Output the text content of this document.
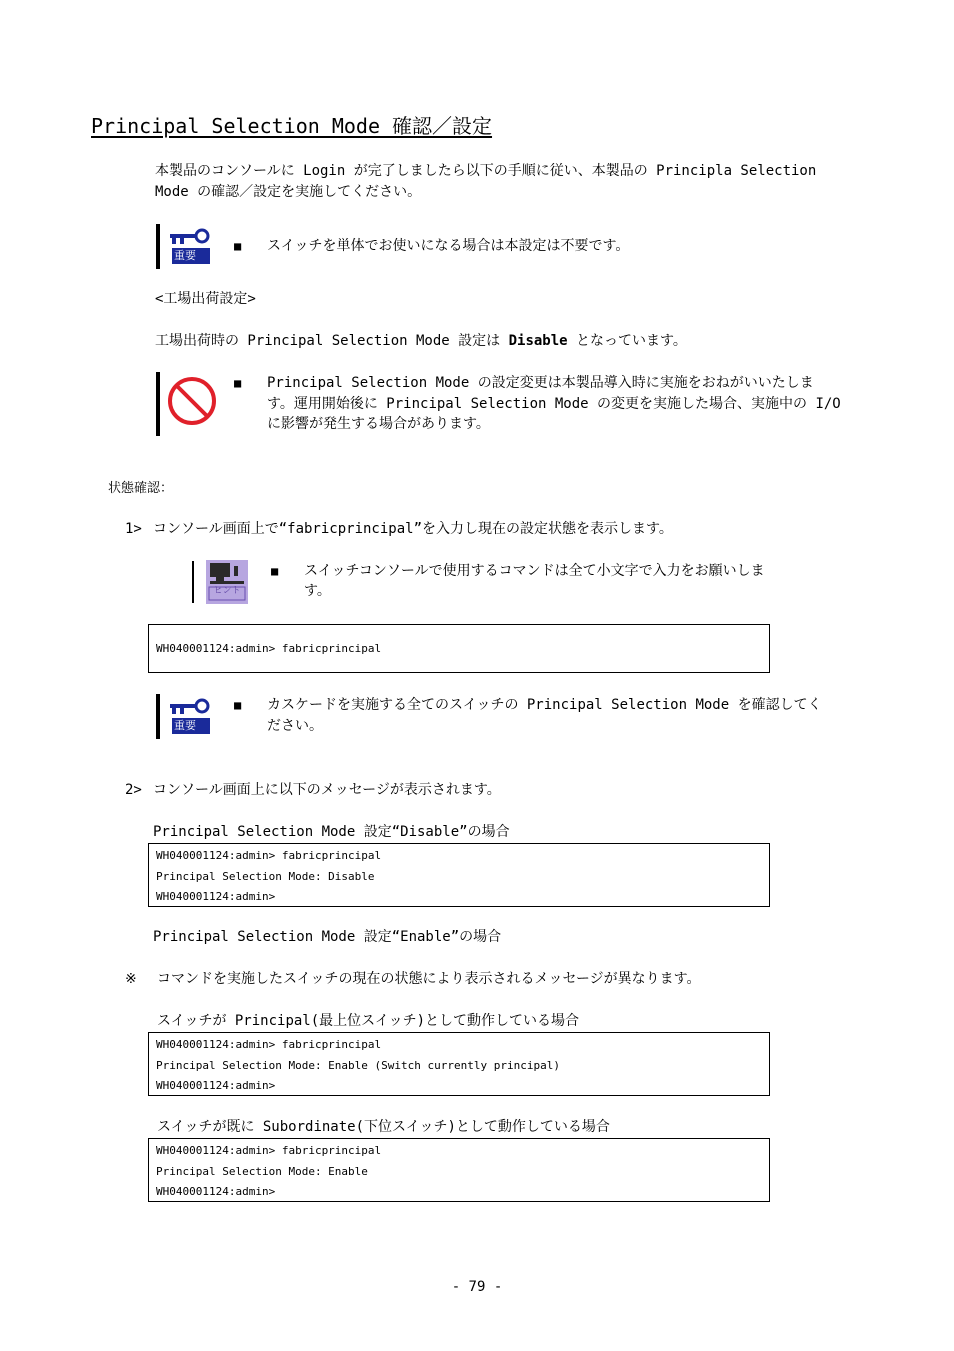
Principal Selection Mode 確認／設定
本製品のコンソールに Login が完了しましたら以下の手順に従い、本製品の Principla Selection
Mode の確認／設定を実施してください。
重要
■ スイッチを単体でお使いになる場合は本設定は不要です。
<工場出荷設定>
工場出荷時の Principal Selection Mode 設定は Disable となっています。
■ Principal Selection Mode の設定変更は本製品導入時に実施をおねがいいたしま
す。運用開始後に Principal Selection Mode の変更を実施した場合、実施中の I/O
に影響が発生する場合があります。
状態確認：
1> コンソール画面上で“fabricprincipal”を入力し現在の設定状態を表示します。
ヒント
■ スイッチコンソールで使用するコマンドは全て小文字で入力をお願いしま
す。
WH040001124:admin> fabricprincipal
重要
■ カスケードを実施する全てのスイッチの Principal Selection Mode を確認してく
ださい。
2> コンソール画面上に以下のメッセージが表示されます。
Principal Selection Mode 設定“Disable”の場合
WH040001124:admin> fabricprincipal
Principal Selection Mode: Disable
WH040001124:admin>
Principal Selection Mode 設定“Enable”の場合
※ コマンドを実施したスイッチの現在の状態により表示されるメッセージが異なります。
スイッチが Principal(最上位スイッチ)として動作している場合
WH040001124:admin> fabricprincipal
Principal Selection Mode: Enable (Switch currently principal)
WH040001124:admin>
スイッチが既に Subordinate(下位スイッチ)として動作している場合
WH040001124:admin> fabricprincipal
Principal Selection Mode: Enable
WH040001124:admin>
- 79 -
